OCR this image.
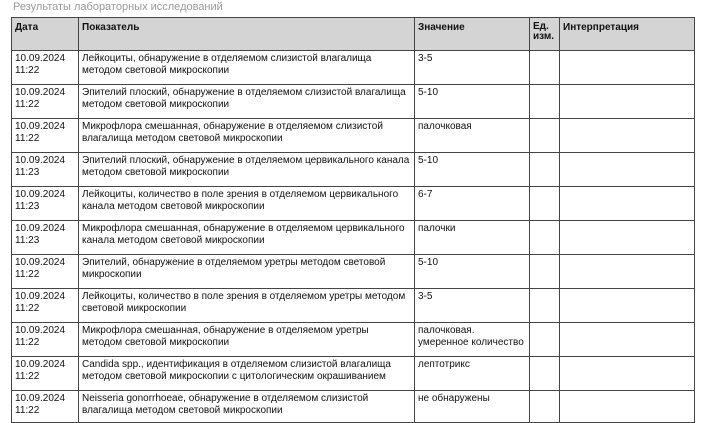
Результаты лабораторных исследований
Дата	Показатель	Значение	Ед. изм.	Интерпретация

10.09.2024
11:22	Лейкоциты, обнаружение в отделяемом слизистой влагалища методом световой микроскопии	3-5		

10.09.2024
11:22	Эпителий плоский, обнаружение в отделяемом слизистой влагалища методом световой микроскопии	5-10		

10.09.2024
11:22	Микрофлора смешанная, обнаружение в отделяемом слизистой влагалища методом световой микроскопии	палочковая		

10.09.2024
11:23	Эпителий плоский, обнаружение в отделяемом цервикального канала методом световой микроскопии	5-10		

10.09.2024
11:23	Лейкоциты, количество в поле зрения в отделяемом цервикального канала методом световой микроскопии	6-7		

10.09.2024
11:23	Микрофлора смешанная, обнаружение в отделяемом цервикального канала методом световой микроскопии	палочки		

10.09.2024
11:22	Эпителий, обнаружение в отделяемом уретры методом световой микроскопии	5-10		

10.09.2024
11:22	Лейкоциты, количество в поле зрения в отделяемом уретры методом световой микроскопии	3-5		

10.09.2024
11:22	Микрофлора смешанная, обнаружение в отделяемом уретры методом световой микроскопии	палочковая. умеренное количество		

10.09.2024
11:22	Candida spp., идентификация в отделяемом слизистой влагалища методом световой микроскопии с цитологическим окрашиванием	лептотрикс		

10.09.2024
11:22	Neisseria gonorrhoeae, обнаружение в отделяемом слизистой влагалища методом световой микроскопии	не обнаружены		
